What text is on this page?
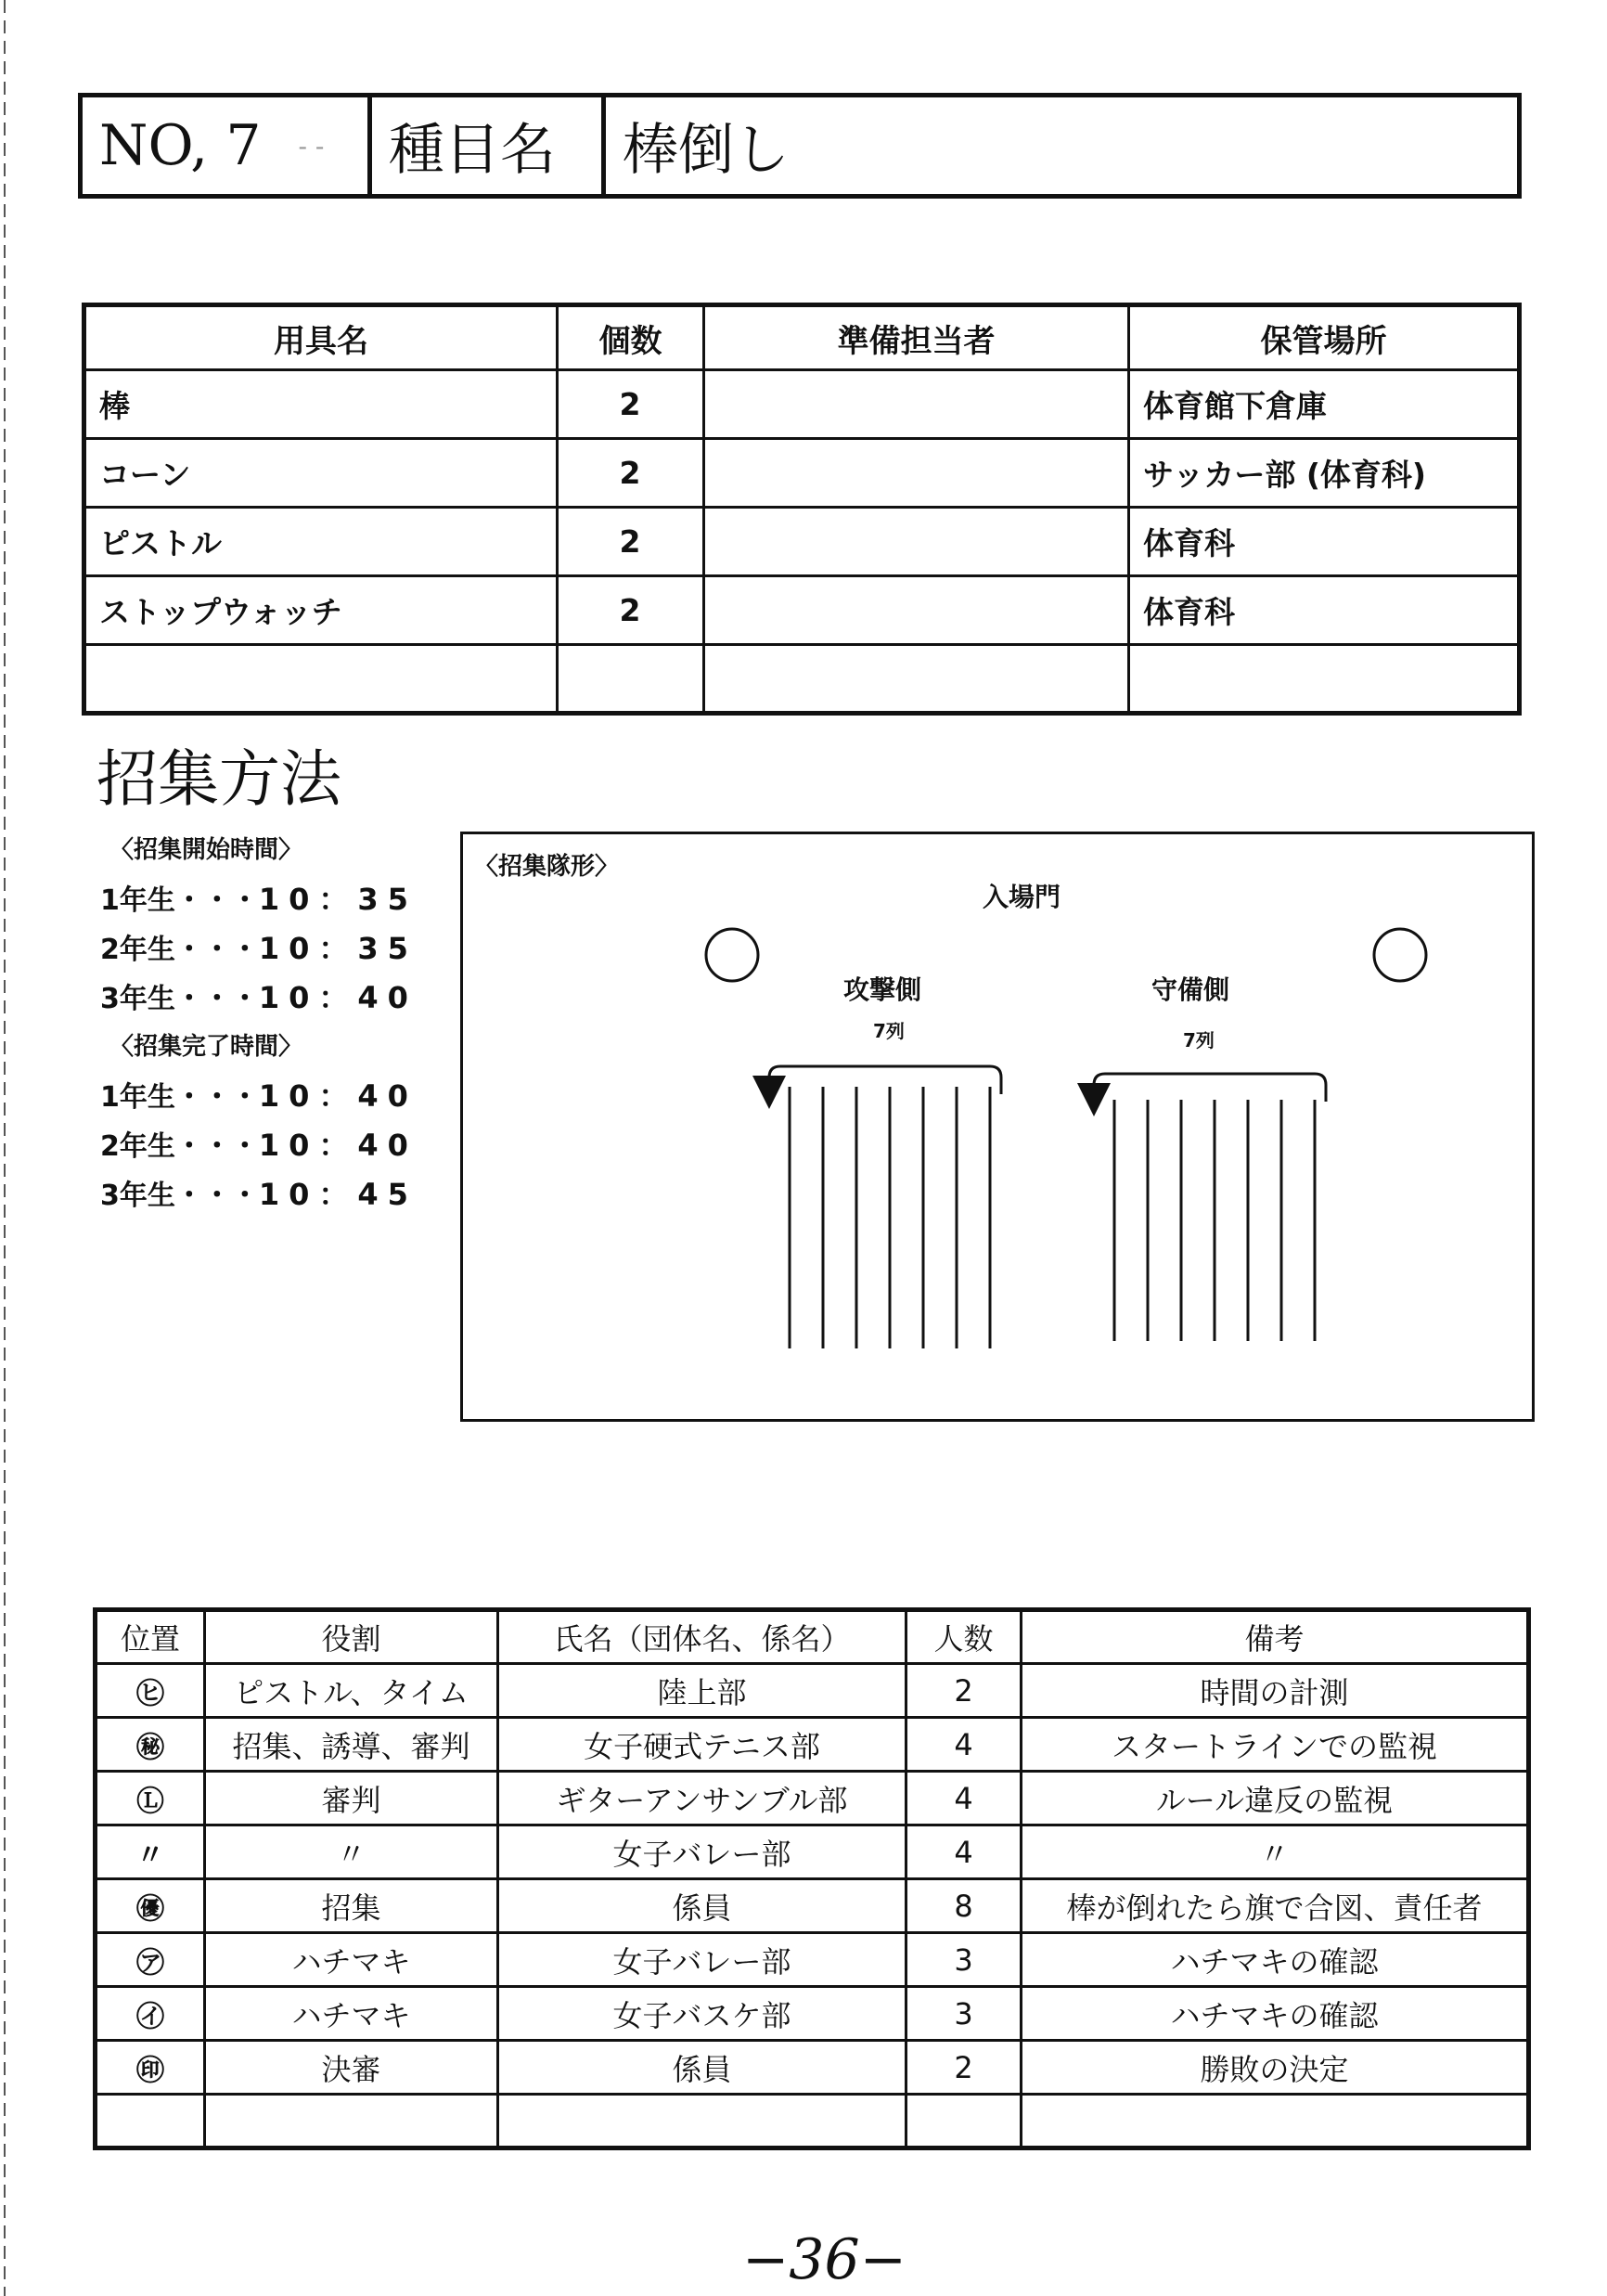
NO, 7 - - 種目名 棒倒し
用具名	個数	準備担当者	保管場所
棒	2		体育館下倉庫
コーン	2		サッカー部 (体育科)
ピストル	2		体育科
ストップウォッチ	2		体育科

招集方法
〈招集開始時間〉
1年生・・・10：35
2年生・・・10：35
3年生・・・10：40
〈招集完了時間〉
1年生・・・10：40
2年生・・・10：40
3年生・・・10：45
〈招集隊形〉
入場門
攻撃側
7列
守備側
7列
位置	役割	氏名（団体名、係名）	人数	備考
㋪	ピストル、タイム	陸上部	2	時間の計測
㊙	招集、誘導、審判	女子硬式テニス部	4	スタートラインでの監視
Ⓛ	審判	ギターアンサンブル部	4	ルール違反の監視
〃	〃	女子バレー部	4	〃
㊝	招集	係員	8	棒が倒れたら旗で合図、責任者
㋐	ハチマキ	女子バレー部	3	ハチマキの確認
㋑	ハチマキ	女子バスケ部	3	ハチマキの確認
㊞	決審	係員	2	勝敗の決定

−36−
